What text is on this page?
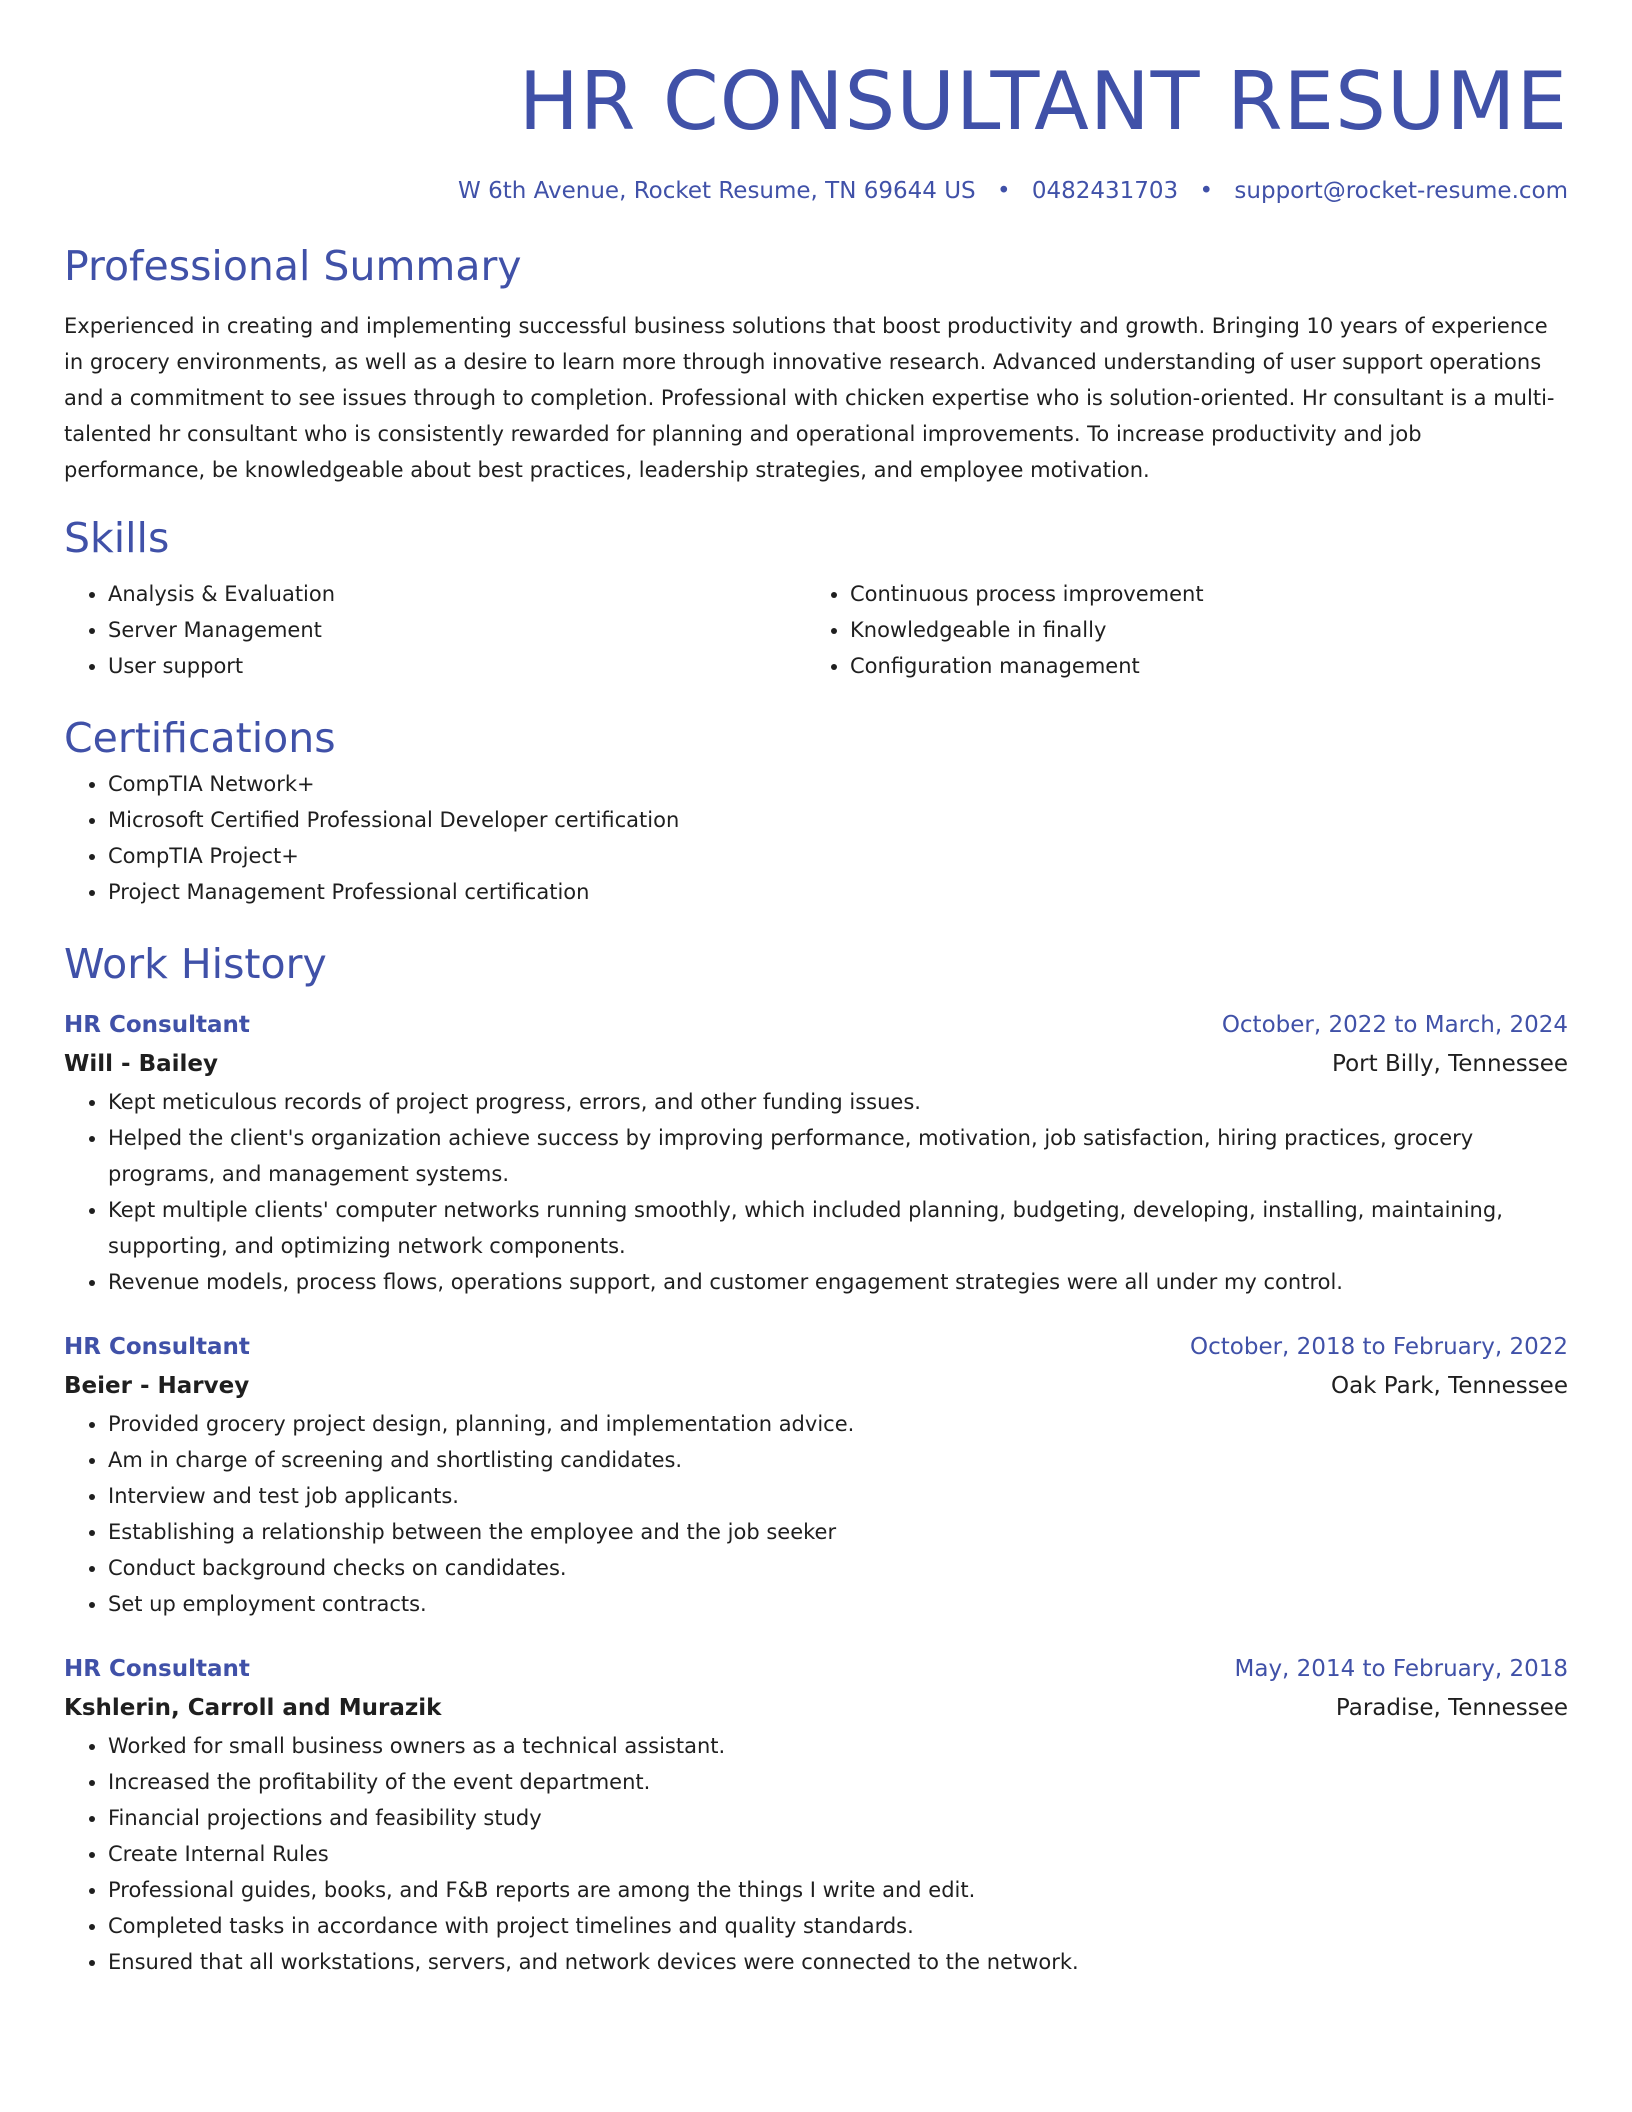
HR CONSULTANT RESUME
W 6th Avenue, Rocket Resume, TN 69644 US • 0482431703 • support@rocket-resume.com
Professional Summary

Experienced in creating and implementing successful business solutions that boost productivity and growth. Bringing 10 years of experience in grocery environments, as well as a desire to learn more through innovative research. Advanced understanding of user support operations and a commitment to see issues through to completion. Professional with chicken expertise who is solution-oriented. Hr consultant is a multi-talented hr consultant who is consistently rewarded for planning and operational improvements. To increase productivity and job performance, be knowledgeable about best practices, leadership strategies, and employee motivation.

Skills
• Analysis & Evaluation
• Server Management
• User support
• Continuous process improvement
• Knowledgeable in finally
• Configuration management
Certifications
• CompTIA Network+
• Microsoft Certified Professional Developer certification
• CompTIA Project+
• Project Management Professional certification
Work History
HR Consultant	October, 2022 to March, 2024
Will - Bailey	Port Billy, Tennessee
• Kept meticulous records of project progress, errors, and other funding issues.
• Helped the client's organization achieve success by improving performance, motivation, job satisfaction, hiring practices, grocery programs, and management systems.
• Kept multiple clients' computer networks running smoothly, which included planning, budgeting, developing, installing, maintaining, supporting, and optimizing network components.
• Revenue models, process flows, operations support, and customer engagement strategies were all under my control.
HR Consultant	October, 2018 to February, 2022
Beier - Harvey	Oak Park, Tennessee
• Provided grocery project design, planning, and implementation advice.
• Am in charge of screening and shortlisting candidates.
• Interview and test job applicants.
• Establishing a relationship between the employee and the job seeker
• Conduct background checks on candidates.
• Set up employment contracts.
HR Consultant	May, 2014 to February, 2018
Kshlerin, Carroll and Murazik	Paradise, Tennessee
• Worked for small business owners as a technical assistant.
• Increased the profitability of the event department.
• Financial projections and feasibility study
• Create Internal Rules
• Professional guides, books, and F&B reports are among the things I write and edit.
• Completed tasks in accordance with project timelines and quality standards.
• Ensured that all workstations, servers, and network devices were connected to the network.
